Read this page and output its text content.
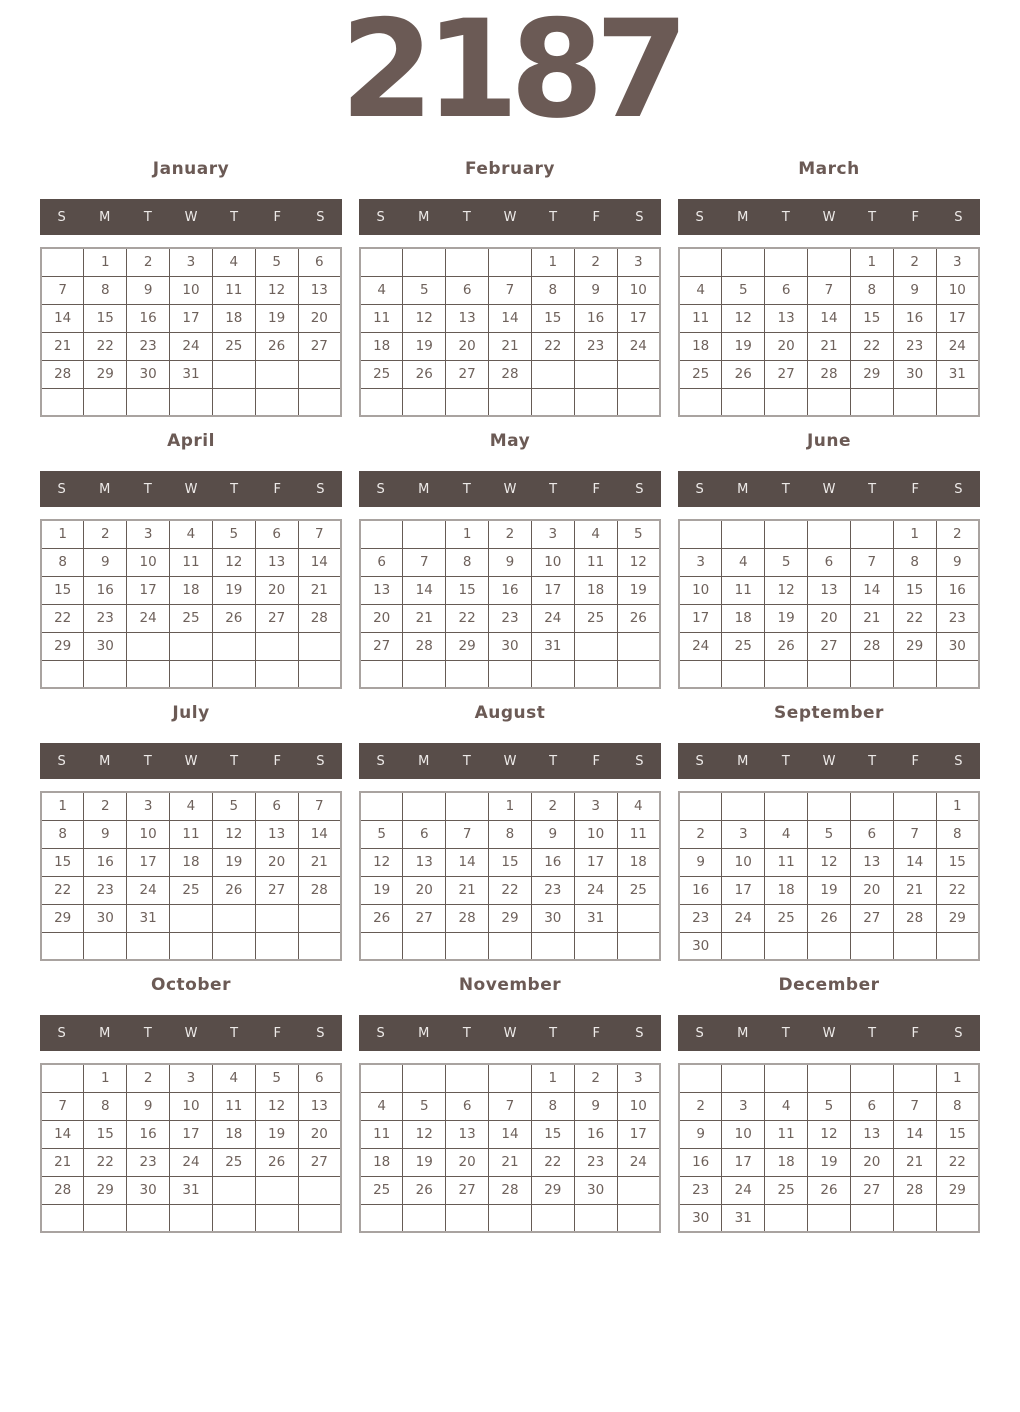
2187
January
S	M	T	W	T	F	S
	1	2	3	4	5	6
7	8	9	10	11	12	13
14	15	16	17	18	19	20
21	22	23	24	25	26	27
28	29	30	31			

February
S	M	T	W	T	F	S
				1	2	3
4	5	6	7	8	9	10
11	12	13	14	15	16	17
18	19	20	21	22	23	24
25	26	27	28			

March
S	M	T	W	T	F	S
				1	2	3
4	5	6	7	8	9	10
11	12	13	14	15	16	17
18	19	20	21	22	23	24
25	26	27	28	29	30	31

April
S	M	T	W	T	F	S
1	2	3	4	5	6	7
8	9	10	11	12	13	14
15	16	17	18	19	20	21
22	23	24	25	26	27	28
29	30					

May
S	M	T	W	T	F	S
		1	2	3	4	5
6	7	8	9	10	11	12
13	14	15	16	17	18	19
20	21	22	23	24	25	26
27	28	29	30	31		

June
S	M	T	W	T	F	S
					1	2
3	4	5	6	7	8	9
10	11	12	13	14	15	16
17	18	19	20	21	22	23
24	25	26	27	28	29	30

July
S	M	T	W	T	F	S
1	2	3	4	5	6	7
8	9	10	11	12	13	14
15	16	17	18	19	20	21
22	23	24	25	26	27	28
29	30	31				

August
S	M	T	W	T	F	S
			1	2	3	4
5	6	7	8	9	10	11
12	13	14	15	16	17	18
19	20	21	22	23	24	25
26	27	28	29	30	31	

September
S	M	T	W	T	F	S
						1
2	3	4	5	6	7	8
9	10	11	12	13	14	15
16	17	18	19	20	21	22
23	24	25	26	27	28	29
30						
October
S	M	T	W	T	F	S
	1	2	3	4	5	6
7	8	9	10	11	12	13
14	15	16	17	18	19	20
21	22	23	24	25	26	27
28	29	30	31			

November
S	M	T	W	T	F	S
				1	2	3
4	5	6	7	8	9	10
11	12	13	14	15	16	17
18	19	20	21	22	23	24
25	26	27	28	29	30	

December
S	M	T	W	T	F	S
						1
2	3	4	5	6	7	8
9	10	11	12	13	14	15
16	17	18	19	20	21	22
23	24	25	26	27	28	29
30	31					
